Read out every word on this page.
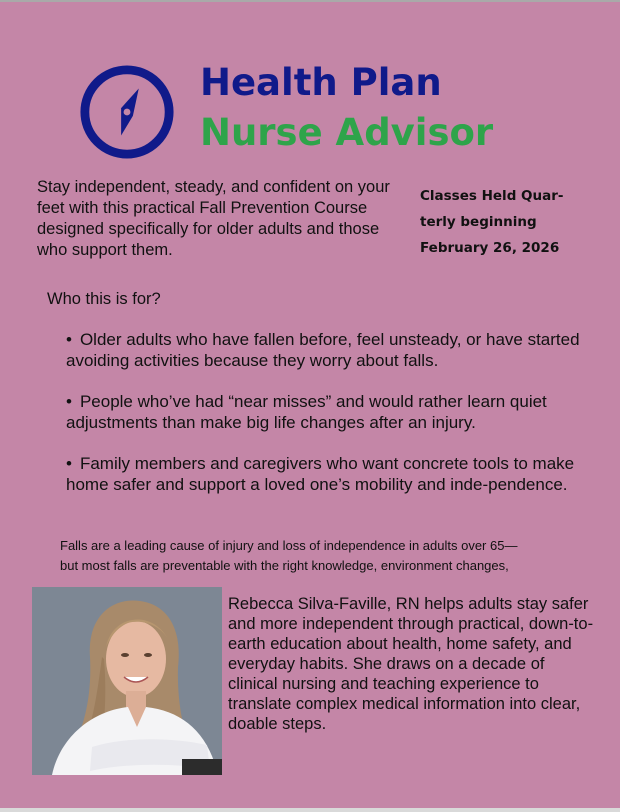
Health Plan
Nurse Advisor
Stay independent, steady, and confident on your feet with this practical Fall Prevention Course designed specifically for older adults and those who support them.
Classes Held Quar-
terly beginning
February 26, 2026
Who this is for?
• Older adults who have fallen before, feel unsteady, or have started avoiding activities because they worry about falls.
• People who’ve had “near misses” and would rather learn quiet adjustments than make big life changes after an injury.
• Family members and caregivers who want concrete tools to make home safer and support a loved one’s mobility and inde-pendence.
Falls are a leading cause of injury and loss of independence in adults over 65—
but most falls are preventable with the right knowledge, environment changes,
Rebecca Silva-Faville, RN helps adults stay safer and more independent through practical, down-to-earth education about health, home safety, and everyday habits. She draws on a decade of clinical nursing and teaching experience to translate complex medical information into clear, doable steps.
